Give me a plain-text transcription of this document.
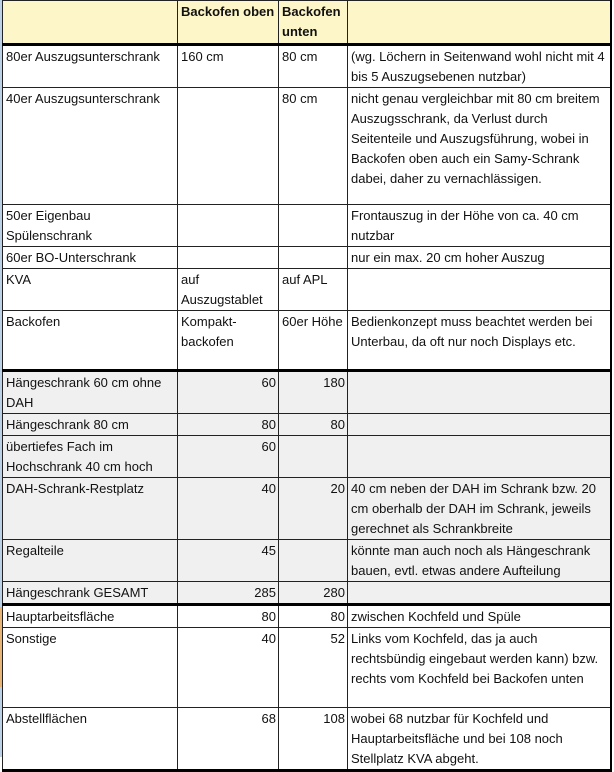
	Backofen oben	Backofen unten	
80er Auszugsunterschrank	160 cm	80 cm	(wg. Löchern in Seitenwand wohl nicht mit 4 bis 5 Auszugsebenen nutzbar)
40er Auszugsunterschrank		80 cm	nicht genau vergleichbar mit 80 cm breitem Auszugsschrank, da Verlust durch Seitenteile und Auszugsführung, wobei in Backofen oben auch ein Samy-Schrank dabei, daher zu vernachlässigen.
50er Eigenbau Spülenschrank			Frontauszug in der Höhe von ca. 40 cm nutzbar
60er BO-Unterschrank			nur ein max. 20 cm hoher Auszug
KVA	auf Auszugstablet	auf APL	
Backofen	Kompakt-backofen	60er Höhe	Bedienkonzept muss beachtet werden bei Unterbau, da oft nur noch Displays etc.
Hängeschrank 60 cm ohne DAH	60	180	
Hängeschrank 80 cm	80	80	
übertiefes Fach im Hochschrank 40 cm hoch	60		
DAH-Schrank-Restplatz	40	20	40 cm neben der DAH im Schrank bzw. 20 cm oberhalb der DAH im Schrank, jeweils gerechnet als Schrankbreite
Regalteile	45		könnte man auch noch als Hängeschrank bauen, evtl. etwas andere Aufteilung
Hängeschrank GESAMT	285	280	
Hauptarbeitsfläche	80	80	zwischen Kochfeld und Spüle
Sonstige	40	52	Links vom Kochfeld, das ja auch rechtsbündig eingebaut werden kann) bzw. rechts vom Kochfeld bei Backofen unten
Abstellflächen	68	108	wobei 68 nutzbar für Kochfeld und Hauptarbeitsfläche und bei 108 noch Stellplatz KVA abgeht.
